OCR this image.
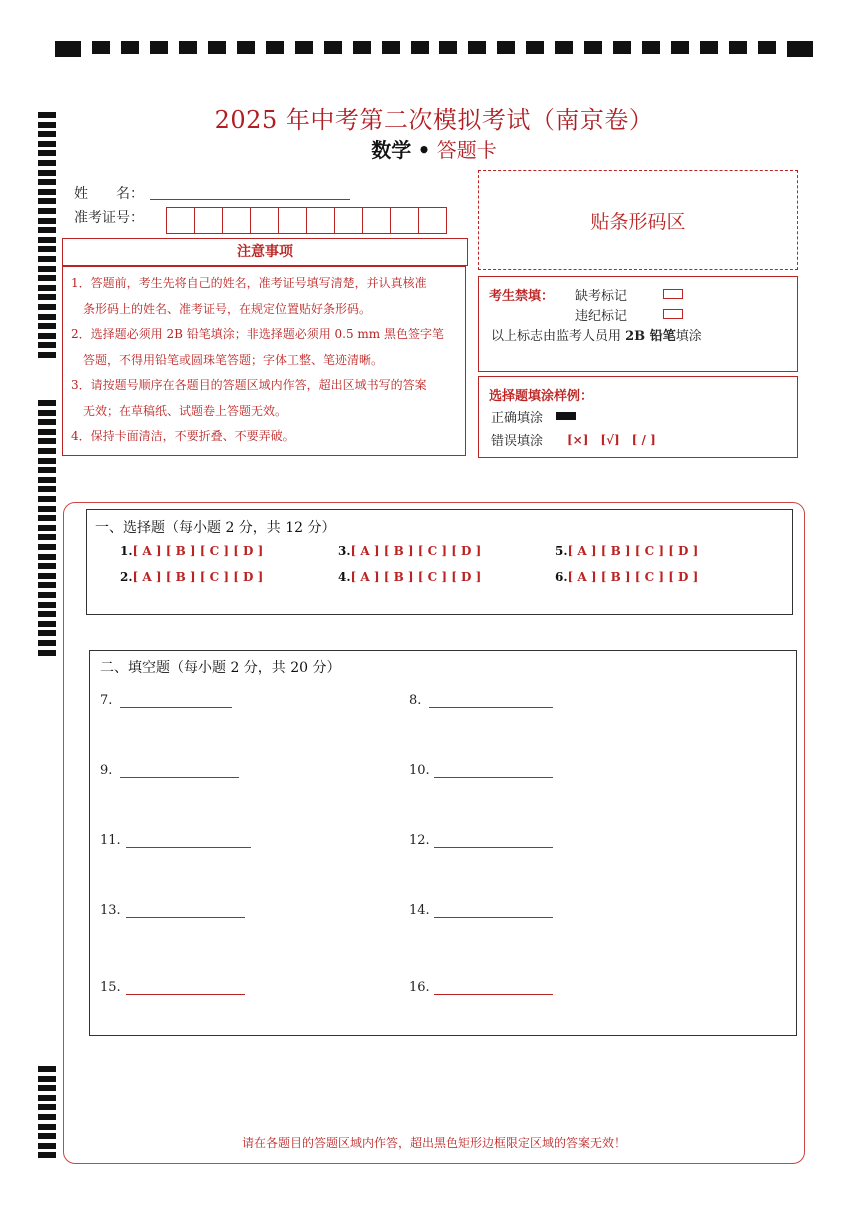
2025 年中考第二次模拟考试（南京卷）
数学 • 答题卡
姓　　名：
准考证号：	贴条形码区
注意事项

1．答题前，考生先将自己的姓名，准考证号填写清楚，并认真核准

　条形码上的姓名、准考证号，在规定位置贴好条形码。

2．选择题必须用 2B 铅笔填涂；非选择题必须用 0.5 mm 黑色签字笔

　答题，不得用铅笔或圆珠笔答题；字体工整、笔迹清晰。

3．请按题号顺序在各题目的答题区域内作答，超出区域书写的答案

　无效；在草稿纸、试题卷上答题无效。

4．保持卡面清洁，不要折叠、不要弄破。

考生禁填： 缺考标记
违纪标记
以上标志由监考人员用 2B 铅笔填涂
选择题填涂样例：
正确填涂
错误填涂 [×]　[√]　[ / ]
一、选择题（每小题 2 分，共 12 分）
1.[ A ] [ B ] [ C ] [ D ]
2.[ A ] [ B ] [ C ] [ D ]
3.[ A ] [ B ] [ C ] [ D ]
4.[ A ] [ B ] [ C ] [ D ]
5.[ A ] [ B ] [ C ] [ D ]
6.[ A ] [ B ] [ C ] [ D ]
二、填空题（每小题 2 分，共 20 分）
7.	8.
9.	10.
11.	12.
13.	14.
15.	16.
请在各题目的答题区域内作答，超出黑色矩形边框限定区域的答案无效！
